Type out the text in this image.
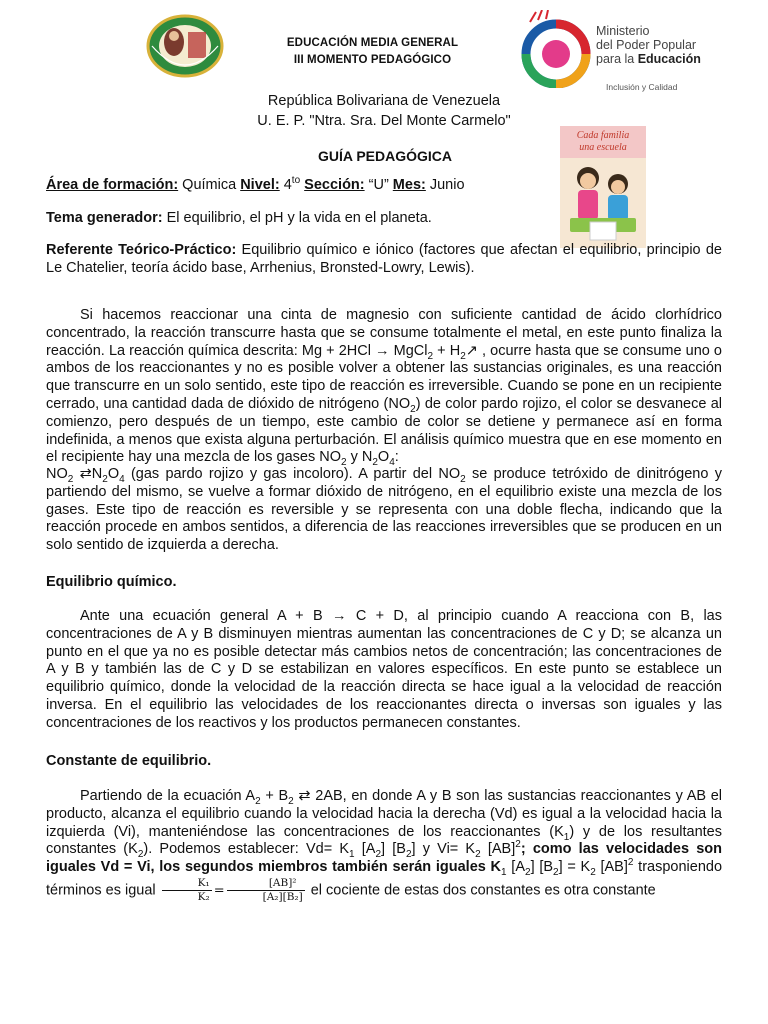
EDUCACIÓN MEDIA GENERAL
III MOMENTO PEDAGÓGICO
Ministerio
del Poder Popular
para la Educación
Inclusión y Calidad
República Bolivariana de Venezuela
U. E. P. "Ntra. Sra. Del Monte Carmelo"
GUÍA PEDAGÓGICA
Cada familia
una escuela
Área de formación: Química Nivel: $4^{to}$ Sección: “U” Mes: Junio
Tema generador: El equilibrio, el pH y la vida en el planeta.
Referente Teórico-Práctico: Equilibrio químico e iónico (factores que afectan el equilibrio, principio de Le Chatelier, teoría ácido base, Arrhenius, Bronsted-Lowry, Lewis).
Si hacemos reaccionar una cinta de magnesio con suficiente cantidad de ácido clorhídrico concentrado, la reacción transcurre hasta que se consume totalmente el metal, en este punto finaliza la reacción. La reacción química descrita: Mg + 2HCl → MgCl$_2$ + $H_2↗$ , ocurre hasta que se consume uno o ambos de los reaccionantes y no es posible volver a obtener las sustancias originales, es una reacción que transcurre en un solo sentido, este tipo de reacción es irreversible. Cuando se pone en un recipiente cerrado, una cantidad dada de dióxido de nitrógeno $(NO_2)$ de color pardo rojizo, el color se desvanece al comienzo, pero después de un tiempo, este cambio de color se detiene y permanece así en forma indefinida, a menos que exista alguna perturbación. El análisis químico muestra que en ese momento en el recipiente hay una mezcla de los gases $NO_2$ y $N_2O_4$:
$NO_2$ $⇄N_2O_4$ (gas pardo rojizo y gas incoloro). A partir del $NO_2$ se produce tetróxido de dinitrógeno y partiendo del mismo, se vuelve a formar dióxido de nitrógeno, en el equilibrio existe una mezcla de los gases. Este tipo de reacción es reversible y se representa con una doble flecha, indicando que la reacción procede en ambos sentidos, a diferencia de las reacciones irreversibles que se producen en un solo sentido de izquierda a derecha.
Equilibrio químico.
Ante una ecuación general A + B → C + D, al principio cuando A reacciona con B, las concentraciones de A y B disminuyen mientras aumentan las concentraciones de C y D; se alcanza un punto en el que ya no es posible detectar más cambios netos de concentración; las concentraciones de A y B y también las de C y D se estabilizan en valores específicos. En este punto se establece un equilibrio químico, donde la velocidad de la reacción directa se hace igual a la velocidad de reacción inversa. En el equilibrio las velocidades de los reaccionantes directa o inversas son iguales y las concentraciones de los reactivos y los productos permanecen constantes.
Constante de equilibrio.
Partiendo de la ecuación $A_2 + B_2$ ⇄ 2AB, en donde A y B son las sustancias reaccionantes y AB el producto, alcanza el equilibrio cuando la velocidad hacia la derecha (Vd) es igual a la velocidad hacia la izquierda (Vi), manteniéndose las concentraciones de los reaccionantes $(K_1)$ y de los resultantes constantes $(K_2)$. Podemos establecer: $Vd= K_1$ $[A_2]$ $[B_2]$ y $Vi= K_2$ [AB]$^2$; como las velocidades son iguales Vd = Vi, los segundos miembros también serán iguales $K_1$ $[A_2] [B_2] = K_2$ [AB]$^2$ trasponiendo términos es igual $\frac{\text{K₁}}{\text{K₂}} = \frac{\text{[AB]²}}{\text{[A₂][B₂]}}$ el cociente de estas dos constantes es otra constante
